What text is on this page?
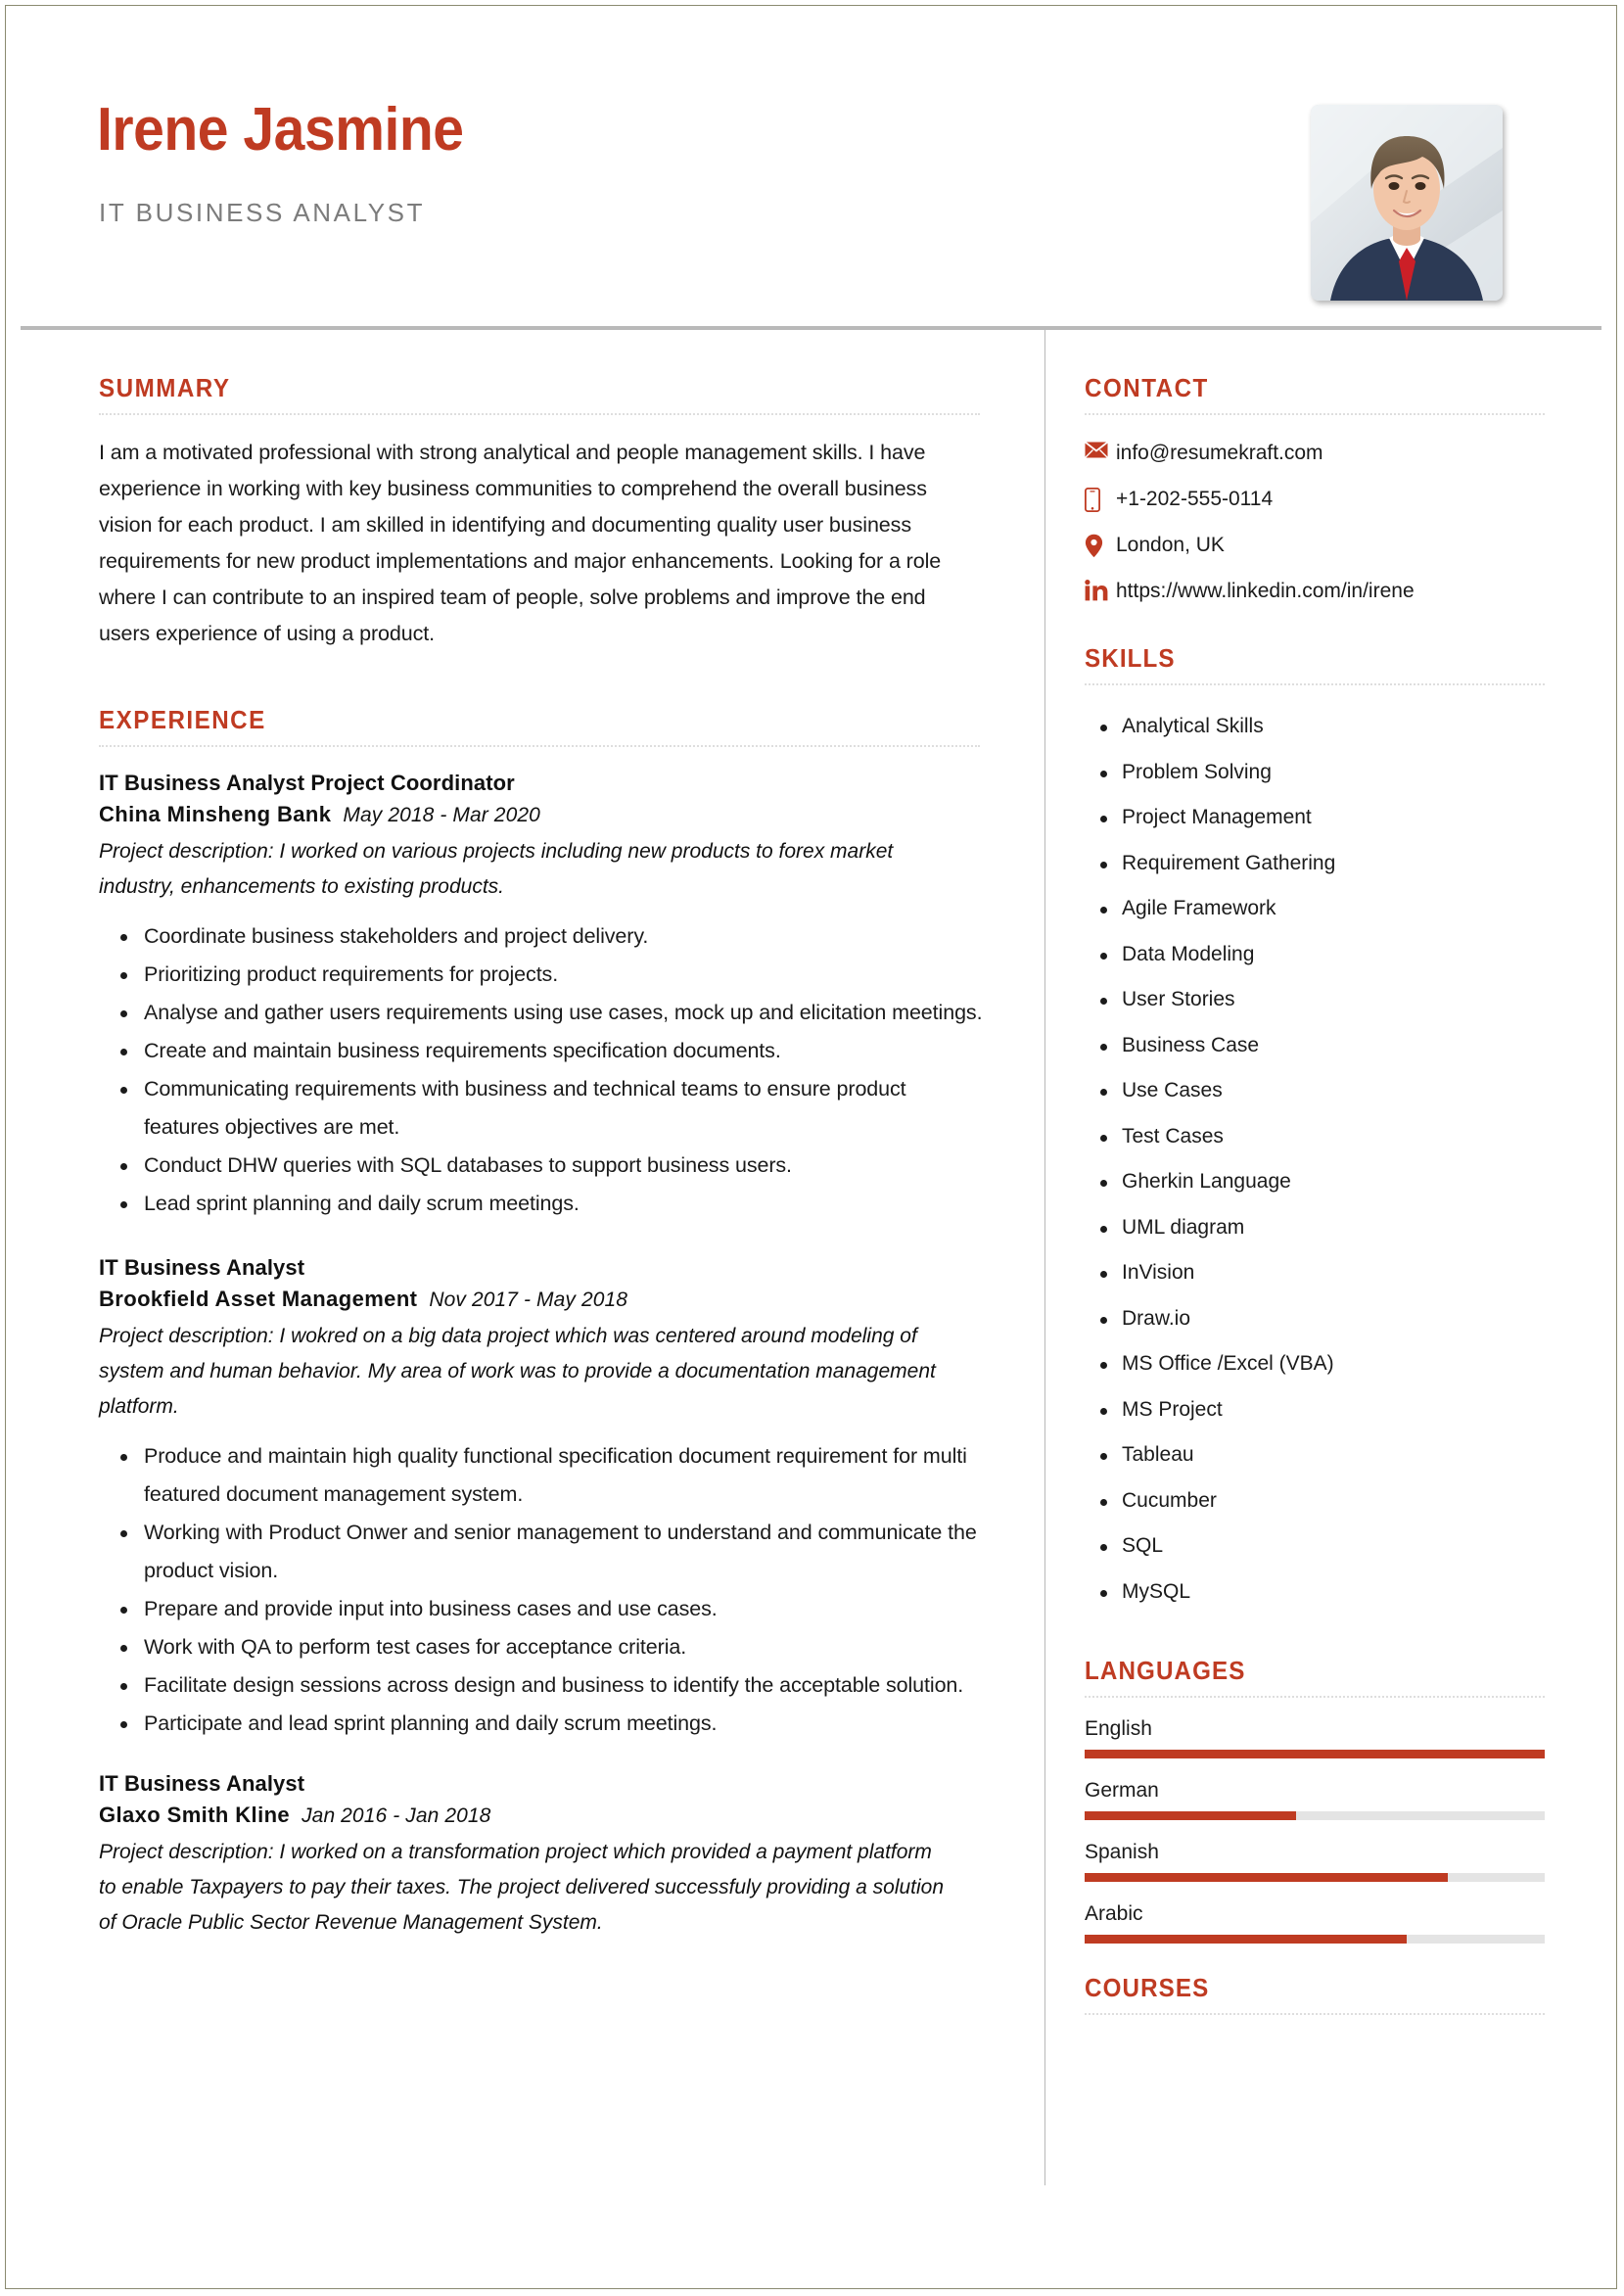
Irene Jasmine
IT BUSINESS ANALYST
SUMMARY
I am a motivated professional with strong analytical and people management skills. I have experience in working with key business communities to comprehend the overall business vision for each product. I am skilled in identifying and documenting quality user business requirements for new product implementations and major enhancements. Looking for a role where I can contribute to an inspired team of people, solve problems and improve the end users experience of using a product.
EXPERIENCE
IT Business Analyst Project Coordinator
China Minsheng Bank May 2018 - Mar 2020
Project description: I worked on various projects including new products to forex market industry, enhancements to existing products.
Coordinate business stakeholders and project delivery.
Prioritizing product requirements for projects.
Analyse and gather users requirements using use cases, mock up and elicitation meetings.
Create and maintain business requirements specification documents.
Communicating requirements with business and technical teams to ensure product features objectives are met.
Conduct DHW queries with SQL databases to support business users.
Lead sprint planning and daily scrum meetings.
IT Business Analyst
Brookfield Asset Management Nov 2017 - May 2018
Project description: I wokred on a big data project which was centered around modeling of system and human behavior. My area of work was to provide a documentation management platform.
Produce and maintain high quality functional specification document requirement for multi featured document management system.
Working with Product Onwer and senior management to understand and communicate the product vision.
Prepare and provide input into business cases and use cases.
Work with QA to perform test cases for acceptance criteria.
Facilitate design sessions across design and business to identify the acceptable solution.
Participate and lead sprint planning and daily scrum meetings.
IT Business Analyst
Glaxo Smith Kline Jan 2016 - Jan 2018
Project description: I worked on a transformation project which provided a payment platform to enable Taxpayers to pay their taxes. The project delivered successfuly providing a solution of Oracle Public Sector Revenue Management System.
CONTACT
info@resumekraft.com
+1-202-555-0114
London, UK
https://www.linkedin.com/in/irene
SKILLS
Analytical Skills
Problem Solving
Project Management
Requirement Gathering
Agile Framework
Data Modeling
User Stories
Business Case
Use Cases
Test Cases
Gherkin Language
UML diagram
InVision
Draw.io
MS Office /Excel (VBA)
MS Project
Tableau
Cucumber
SQL
MySQL
LANGUAGES
English
German
Spanish
Arabic
COURSES
